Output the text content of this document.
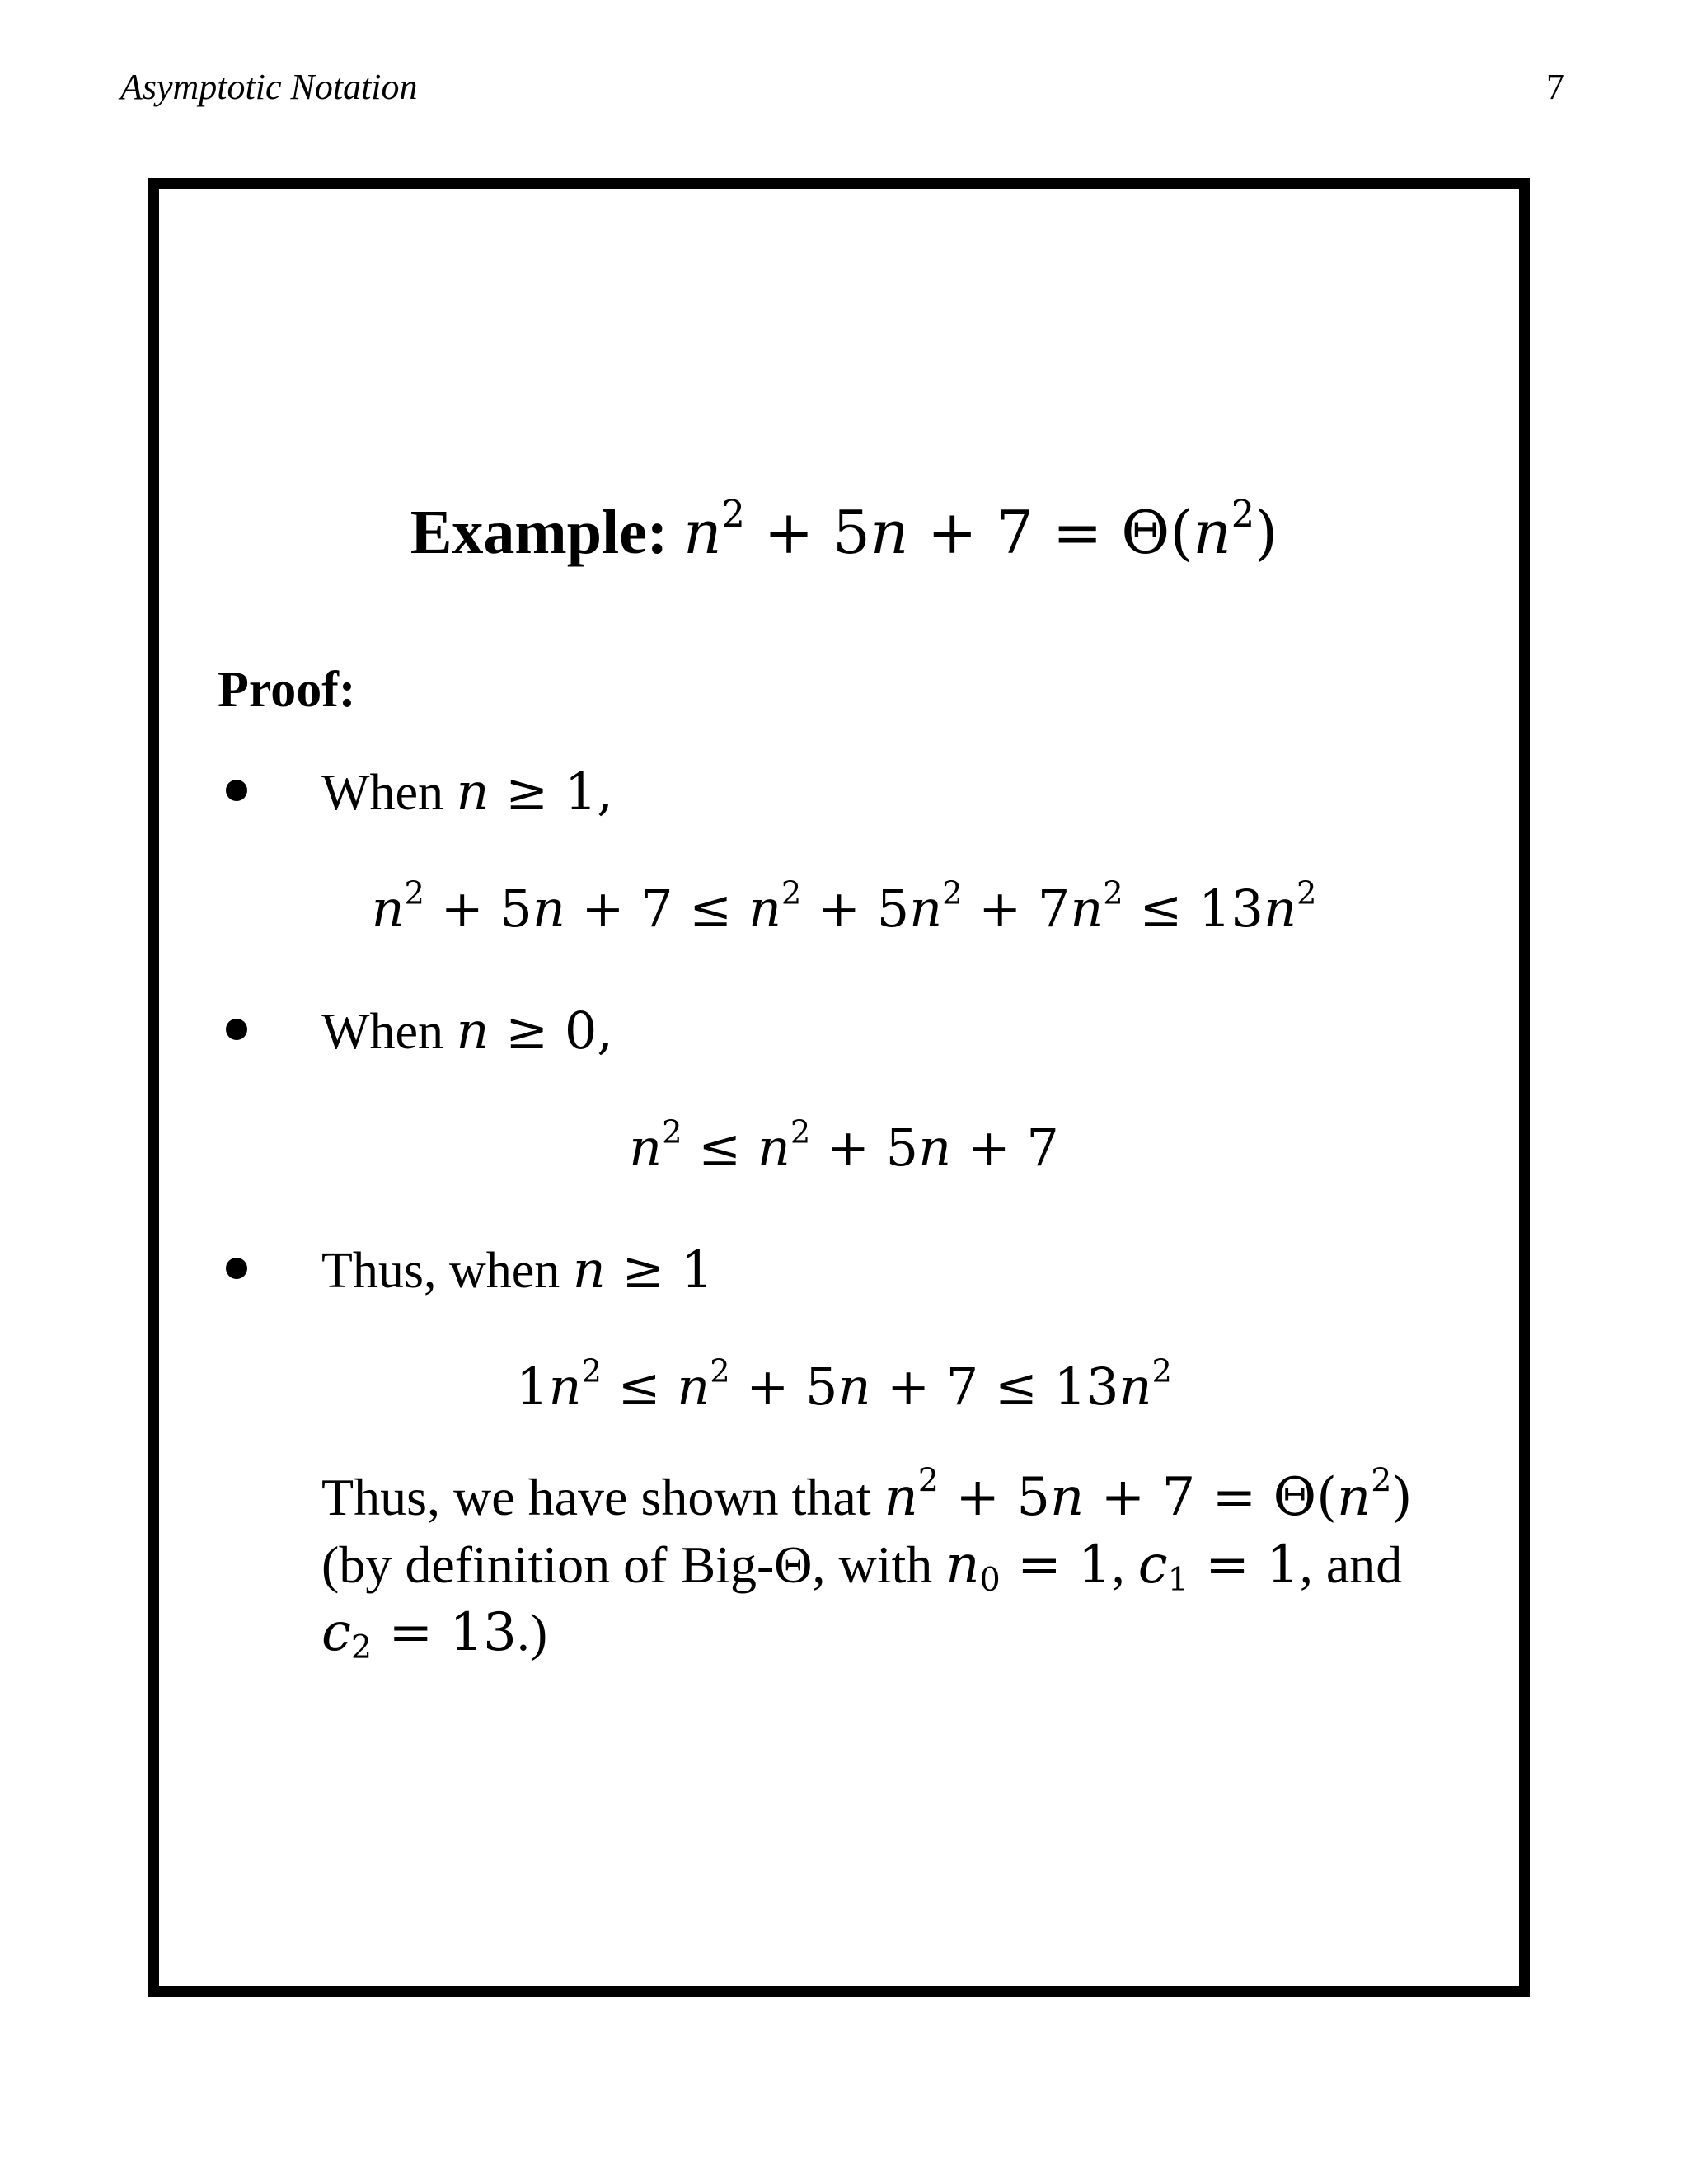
Asymptotic Notation	7
Example: $n^2 + 5n + 7 = \Theta(n^2)$
Proof:
When n ≥ 1,
$n^2 + 5n + 7 \le n^2 + 5n^2 + 7n^2 \le 13n^2$
When n ≥ 0,
$n^2 \le n^2 + 5n + 7$
Thus, when n ≥ 1
$1n^2 \le n^2 + 5n + 7 \le 13n^2$
Thus, we have shown that $n^2 + 5n + 7 = \Theta(n^2)$
(by definition of Big-Θ, with $n_0 = 1$, $c_1 = 1$, and
$c_2 = 13$.)
